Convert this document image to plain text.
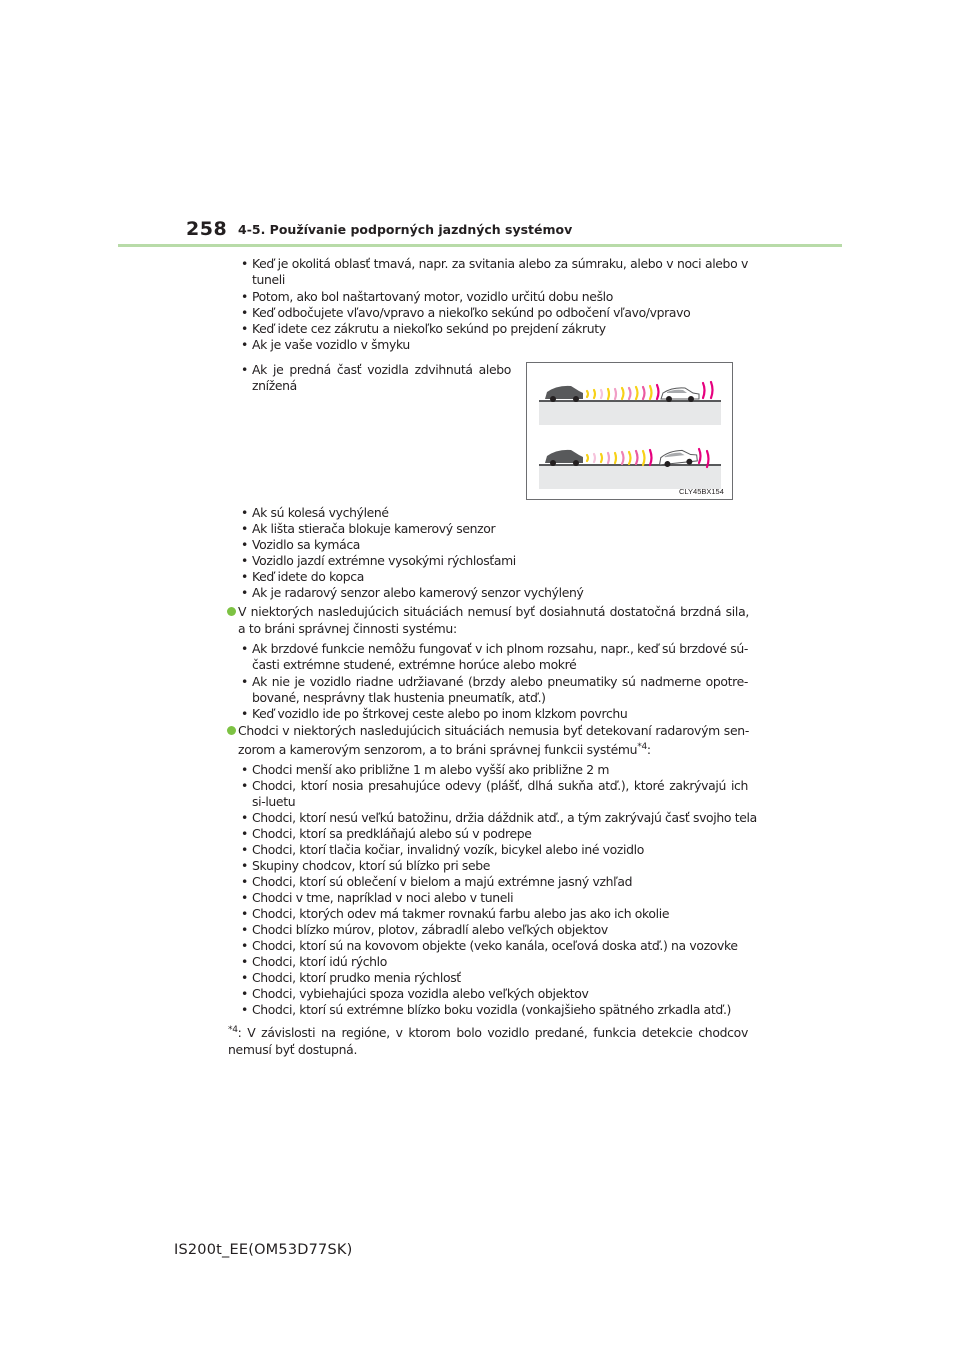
258 4-5. Používanie podporných jazdných systémov
• Keď je okolitá oblasť tmavá, napr. za svitania alebo za súmraku, alebo v noci alebo v tuneli
• Potom, ako bol naštartovaný motor, vozidlo určitú dobu nešlo
• Keď odbočujete vľavo/vpravo a niekoľko sekúnd po odbočení vľavo/vpravo
• Keď idete cez zákrutu a niekoľko sekúnd po prejdení zákruty
• Ak je vaše vozidlo v šmyku
• Ak je predná časť vozidla zdvihnutá alebo znížená
CLY45BX154
• Ak sú kolesá vychýlené
• Ak lišta stierača blokuje kamerový senzor
• Vozidlo sa kymáca
• Vozidlo jazdí extrémne vysokými rýchlosťami
• Keď idete do kopca
• Ak je radarový senzor alebo kamerový senzor vychýlený
V niektorých nasledujúcich situáciách nemusí byť dosiahnutá dostatočná brzdná sila, a to bráni správnej činnosti systému:
• Ak brzdové funkcie nemôžu fungovať v ich plnom rozsahu, napr., keď sú brzdové sú-časti extrémne studené, extrémne horúce alebo mokré
• Ak nie je vozidlo riadne udržiavané (brzdy alebo pneumatiky sú nadmerne opotre-bované, nesprávny tlak hustenia pneumatík, atď.)
• Keď vozidlo ide po štrkovej ceste alebo po inom klzkom povrchu
Chodci v niektorých nasledujúcich situáciách nemusia byť detekovaní radarovým sen-zorom a kamerovým senzorom, a to bráni správnej funkcii systému$^{*4}$:
• Chodci menší ako približne 1 m alebo vyšší ako približne 2 m
• Chodci, ktorí nosia presahujúce odevy (plášť, dlhá sukňa atď.), ktoré zakrývajú ich si-luetu
• Chodci, ktorí nesú veľkú batožinu, držia dáždnik atď., a tým zakrývajú časť svojho tela
• Chodci, ktorí sa predkláňajú alebo sú v podrepe
• Chodci, ktorí tlačia kočiar, invalidný vozík, bicykel alebo iné vozidlo
• Skupiny chodcov, ktorí sú blízko pri sebe
• Chodci, ktorí sú oblečení v bielom a majú extrémne jasný vzhľad
• Chodci v tme, napríklad v noci alebo v tuneli
• Chodci, ktorých odev má takmer rovnakú farbu alebo jas ako ich okolie
• Chodci blízko múrov, plotov, zábradlí alebo veľkých objektov
• Chodci, ktorí sú na kovovom objekte (veko kanála, oceľová doska atď.) na vozovke
• Chodci, ktorí idú rýchlo
• Chodci, ktorí prudko menia rýchlosť
• Chodci, vybiehajúci spoza vozidla alebo veľkých objektov
• Chodci, ktorí sú extrémne blízko boku vozidla (vonkajšieho spätného zrkadla atď.)
$^{*4}$: V závislosti na regióne, v ktorom bolo vozidlo predané, funkcia detekcie chodcov nemusí byť dostupná.
IS200t_EE(OM53D77SK)
